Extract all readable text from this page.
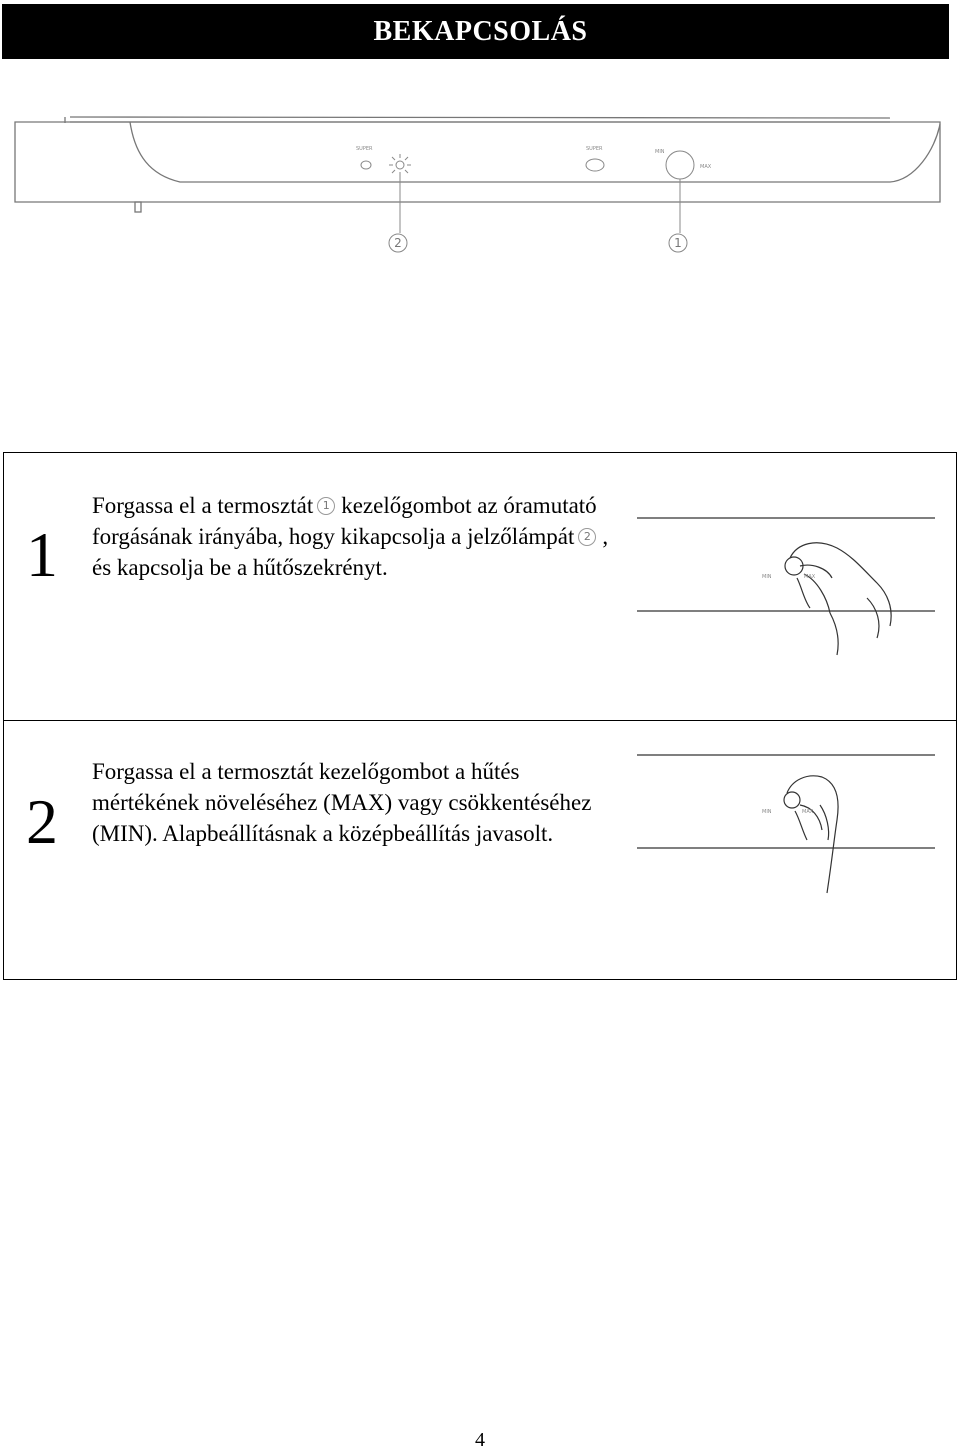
BEKAPCSOLÁS
SUPER	SUPER	MIN
MAX
2	1
1
Forgassa el a termosztát 1 kezelőgombot az óramutató forgásának irányába, hogy kikapcsolja a jelzőlámpát 2 , és kapcsolja be a hűtőszekrényt.	MIN	MAX
2
Forgassa el a termosztát kezelőgombot a hűtés mértékének növeléséhez (MAX) vagy csökkentéséhez (MIN). Alapbeállításnak a középbeállítás javasolt.
MIN	MAX
4
